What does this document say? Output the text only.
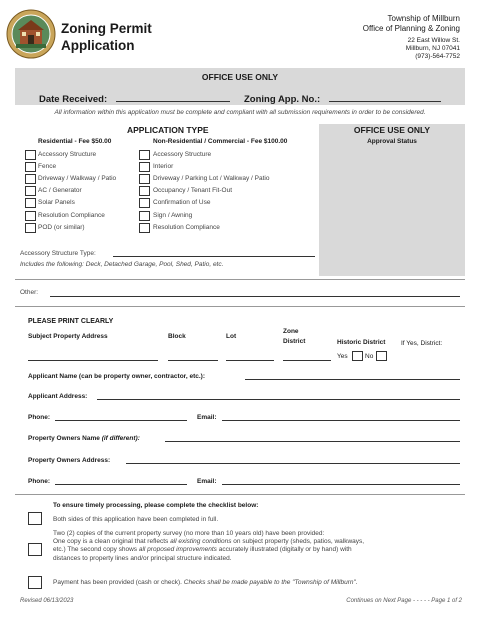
Zoning Permit
Application
Township of Millburn
Office of Planning & Zoning
22 East Willow St.
Millburn, NJ 07041
(973)-564-7752
OFFICE USE ONLY
Date Received:	Zoning App. No.:
All information within this application must be complete and compliant with all submission requirements in order to be considered.
APPLICATION TYPE
Residential - Fee $50.00	Non-Residential / Commercial - Fee $100.00
Accessory Structure
Fence
Driveway / Walkway / Patio
AC / Generator
Solar Panels
Resolution Compliance
POD (or similar)
Accessory Structure
Interior
Driveway / Parking Lot / Walkway / Patio
Occupancy / Tenant Fit-Out
Confirmation of Use
Sign / Awning
Resolution Compliance
Accessory Structure Type:
Includes the following: Deck, Detached Garage, Pool, Shed, Patio, etc.
OFFICE USE ONLY
Approval Status
Other:
PLEASE PRINT CLEARLY
Subject Property Address	Block	Lot
Zone
District	Historic District If Yes, District:
Yes	No
Applicant Name (can be property owner, contractor, etc.):
Applicant Address:
Phone:	Email:
Property Owners Name (if different):
Property Owners Address:
Phone:	Email:
To ensure timely processing, please complete the checklist below:
Both sides of this application have been completed in full.
Two (2) copies of the current property survey (no more than 10 years old) have been provided:
One copy is a clean original that reflects all existing conditions on subject property (sheds, patios, walkways,
etc.) The second copy shows all proposed improvements accurately illustrated (digitally or by hand) with
distances to property lines and/or principal structure indicated.
Payment has been provided (cash or check). Checks shall be made payable to the "Township of Millburn".
Revised 06/13/2023	Continues on Next Page - - - - - Page 1 of 2
